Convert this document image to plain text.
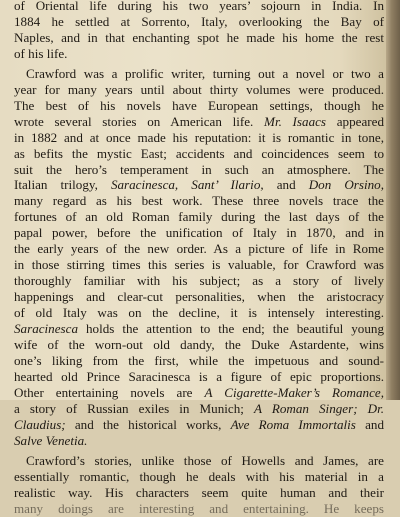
of Oriental life during his two years’ sojourn in India. In
1884 he settled at Sorrento, Italy, overlooking the Bay of
Naples, and in that enchanting spot he made his home the rest
of his life.
Crawford was a prolific writer, turning out a novel or two a
year for many years until about thirty volumes were produced.
The best of his novels have European settings, though he
wrote several stories on American life. Mr. Isaacs appeared
in 1882 and at once made his reputation: it is romantic in tone,
as befits the mystic East; accidents and coincidences seem to
suit the hero’s temperament in such an atmosphere. The
Italian trilogy, Saracinesca, Sant’ Ilario, and Don Orsino,
many regard as his best work. These three novels trace the
fortunes of an old Roman family during the last days of the
papal power, before the unification of Italy in 1870, and in
the early years of the new order. As a picture of life in Rome
in those stirring times this series is valuable, for Crawford was
thoroughly familiar with his subject; as a story of lively
happenings and clear-cut personalities, when the aristocracy
of old Italy was on the decline, it is intensely interesting.
Saracinesca holds the attention to the end; the beautiful young
wife of the worn-out old dandy, the Duke Astardente, wins
one’s liking from the first, while the impetuous and sound-
hearted old Prince Saracinesca is a figure of epic proportions.
Other entertaining novels are A Cigarette-Maker’s Romance,
a story of Russian exiles in Munich; A Roman Singer; Dr.
Claudius; and the historical works, Ave Roma Immortalis and
Salve Venetia.
Crawford’s stories, unlike those of Howells and James, are
essentially romantic, though he deals with his material in a
realistic way. His characters seem quite human and their
many doings are interesting and entertaining. He keeps
